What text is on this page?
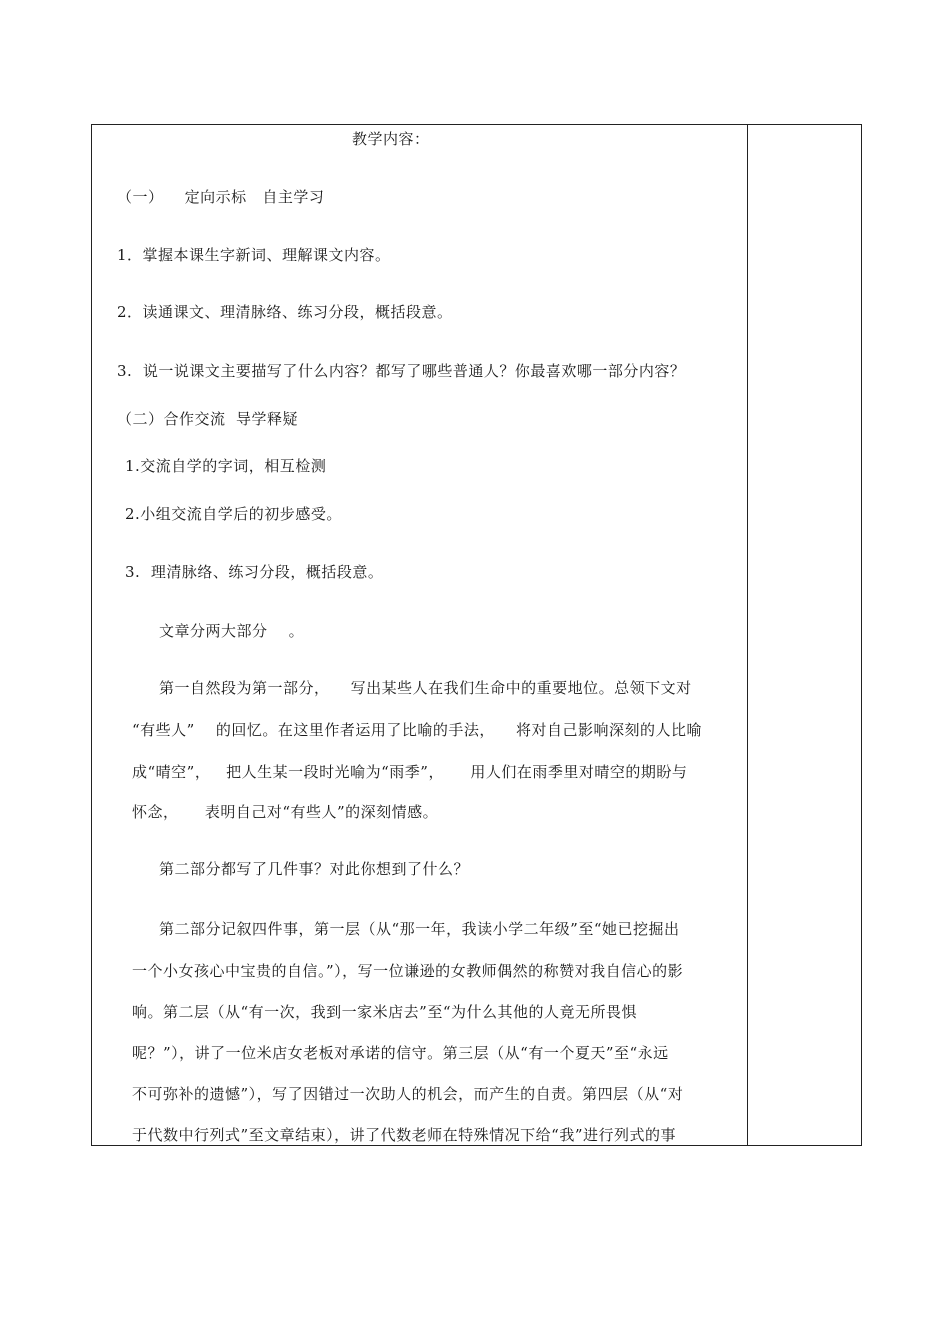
教学内容：
（一）    定向示标   自主学习
1．掌握本课生字新词、理解课文内容。
2．读通课文、理清脉络、练习分段，概括段意。
3.  说一说课文主要描写了什么内容？都写了哪些普通人？你最喜欢哪一部分内容？
（二）合作交流  导学释疑
1.交流自学的字词，相互检测
2.小组交流自学后的初步感受。
3.  理清脉络、练习分段，概括段意。
文章分两大部分    。
第一自然段为第一部分，    写出某些人在我们生命中的重要地位。总领下文对
“有些人”    的回忆。在这里作者运用了比喻的手法，    将对自己影响深刻的人比喻
成“晴空”，   把人生某一段时光喻为“雨季”，     用人们在雨季里对晴空的期盼与
怀念，     表明自己对“有些人”的深刻情感。
第二部分都写了几件事？对此你想到了什么？
第二部分记叙四件事，第一层（从“那一年，我读小学二年级”至“她已挖掘出
一个小女孩心中宝贵的自信。”），写一位谦逊的女教师偶然的称赞对我自信心的影
响。第二层（从“有一次，我到一家米店去”至“为什么其他的人竟无所畏惧
呢？”），讲了一位米店女老板对承诺的信守。第三层（从“有一个夏天”至“永远
不可弥补的遗憾”），写了因错过一次助人的机会，而产生的自责。第四层（从“对
于代数中行列式”至文章结束），讲了代数老师在特殊情况下给“我”进行列式的事
